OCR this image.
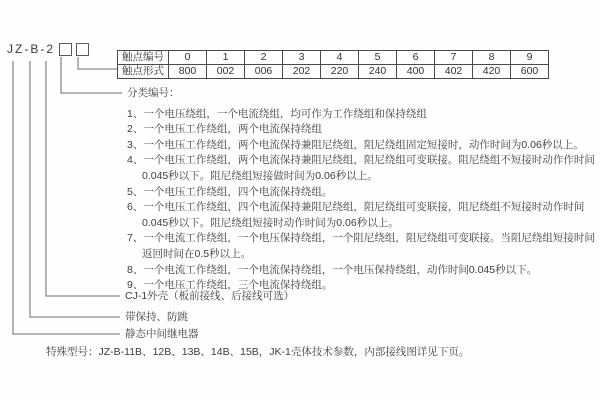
JZ-B-2
触点编号	0	1	2	3	4	5	6	7	8	9
触点形式	800	002	006	202	220	240	400	402	420	600
分类编号：
1、一个电压绕组，一个电流绕组，均可作为工作绕组和保持绕组
2、一个电压工作绕组，两个电流保持绕组
3、一个电压工作绕组，两个电流保持兼阻尼绕组，阻尼绕组固定短接时，动作时间为0.06秒以上。
4、一个电压工作绕组，两个电流保持兼阻尼绕组，阻尼绕组可变联接。阻尼绕组不短接时动作作时间0.045秒以下。阻尼绕组短接做时间为0.06秒以上。
5、一个电压工作绕组，四个电流保持绕组。
6、一个电压工作绕组，四个电流保持兼阻尼绕组，阻尼绕组可变联接，阻尼绕组不短接时动作时间0.045秒以下。阻尼绕组短接时动作时间为0.06秒以上。
7、一个电流工作绕组，一个电压保持绕组，一个阻尼绕组，阻尼绕组可变联接。当阻尼绕组短接时间返回时间在0.5秒以上。
8、一个电流工作绕组，一个电流保持绕组，一个电压保持绕组，动作时间0.045秒以下。
9、一个电压工作绕组，三个电流保持绕组。
CJ-1外壳（板前接线、后接线可选）
带保持、防跳
静态中间继电器
特殊型号：JZ-B-11B、12B、13B、14B、15B，JK-1壳体技术参数，内部接线图详见下页。
